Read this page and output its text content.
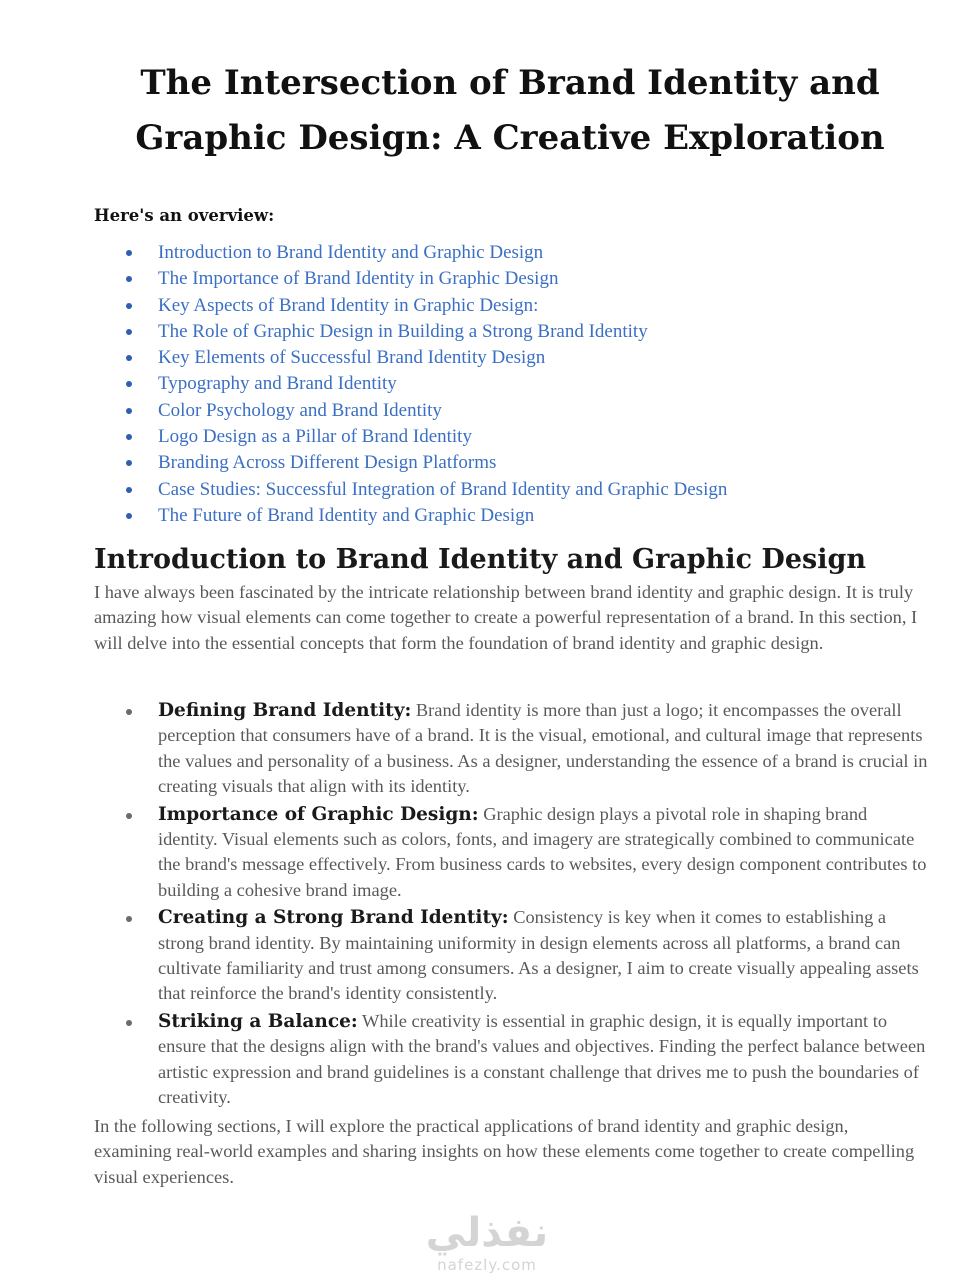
The Intersection of Brand Identity and Graphic Design: A Creative Exploration

Here's an overview:

Introduction to Brand Identity and Graphic Design
The Importance of Brand Identity in Graphic Design
Key Aspects of Brand Identity in Graphic Design:
The Role of Graphic Design in Building a Strong Brand Identity
Key Elements of Successful Brand Identity Design
Typography and Brand Identity
Color Psychology and Brand Identity
Logo Design as a Pillar of Brand Identity
Branding Across Different Design Platforms
Case Studies: Successful Integration of Brand Identity and Graphic Design
The Future of Brand Identity and Graphic Design
Introduction to Brand Identity and Graphic Design

I have always been fascinated by the intricate relationship between brand identity and graphic design. It is truly amazing how visual elements can come together to create a powerful representation of a brand. In this section, I will delve into the essential concepts that form the foundation of brand identity and graphic design.

Defining Brand Identity: Brand identity is more than just a logo; it encompasses the overall perception that consumers have of a brand. It is the visual, emotional, and cultural image that represents the values and personality of a business. As a designer, understanding the essence of a brand is crucial in creating visuals that align with its identity.
Importance of Graphic Design: Graphic design plays a pivotal role in shaping brand identity. Visual elements such as colors, fonts, and imagery are strategically combined to communicate the brand's message effectively. From business cards to websites, every design component contributes to building a cohesive brand image.
Creating a Strong Brand Identity: Consistency is key when it comes to establishing a strong brand identity. By maintaining uniformity in design elements across all platforms, a brand can cultivate familiarity and trust among consumers. As a designer, I aim to create visually appealing assets that reinforce the brand's identity consistently.
Striking a Balance: While creativity is essential in graphic design, it is equally important to ensure that the designs align with the brand's values and objectives. Finding the perfect balance between artistic expression and brand guidelines is a constant challenge that drives me to push the boundaries of creativity.

In the following sections, I will explore the practical applications of brand identity and graphic design, examining real-world examples and sharing insights on how these elements come together to create compelling visual experiences.

نفذلي
nafezly.com
